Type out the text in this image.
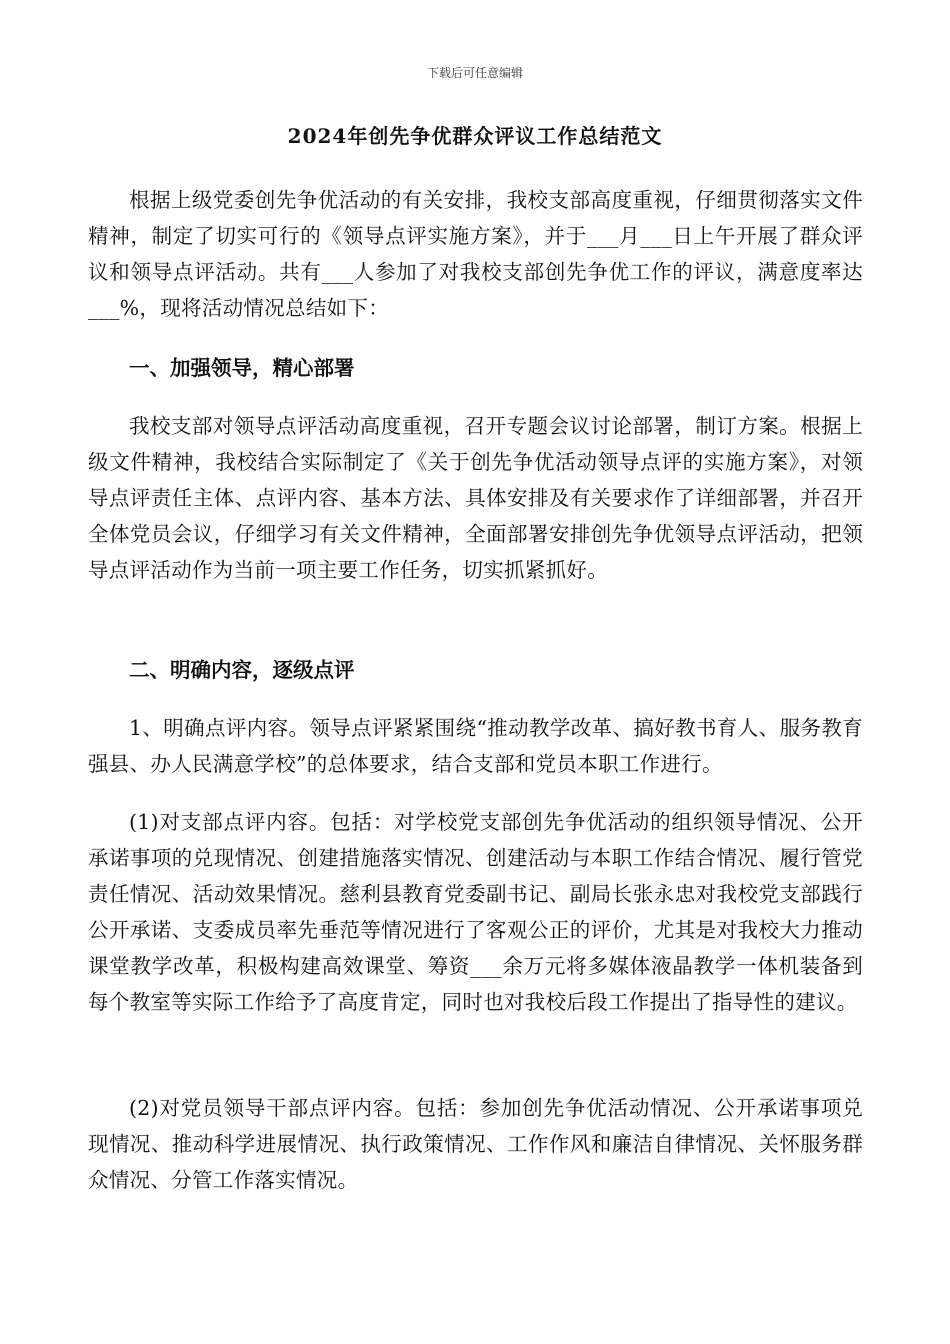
下载后可任意编辑
2024年创先争优群众评议工作总结范文

根据上级党委创先争优活动的有关安排，我校支部高度重视，仔细贯彻落实文件精神，制定了切实可行的《领导点评实施方案》，并于___月___日上午开展了群众评议和领导点评活动。共有___人参加了对我校支部创先争优工作的评议，满意度率达___%，现将活动情况总结如下：

一、加强领导，精心部署

我校支部对领导点评活动高度重视，召开专题会议讨论部署，制订方案。根据上级文件精神，我校结合实际制定了《关于创先争优活动领导点评的实施方案》，对领导点评责任主体、点评内容、基本方法、具体安排及有关要求作了详细部署，并召开全体党员会议，仔细学习有关文件精神，全面部署安排创先争优领导点评活动，把领导点评活动作为当前一项主要工作任务，切实抓紧抓好。

二、明确内容，逐级点评

1、明确点评内容。领导点评紧紧围绕“推动教学改革、搞好教书育人、服务教育强县、办人民满意学校”的总体要求，结合支部和党员本职工作进行。

(1)对支部点评内容。包括：对学校党支部创先争优活动的组织领导情况、公开承诺事项的兑现情况、创建措施落实情况、创建活动与本职工作结合情况、履行管党责任情况、活动效果情况。慈利县教育党委副书记、副局长张永忠对我校党支部践行公开承诺、支委成员率先垂范等情况进行了客观公正的评价，尤其是对我校大力推动课堂教学改革，积极构建高效课堂、筹资___余万元将多媒体液晶教学一体机装备到每个教室等实际工作给予了高度肯定，同时也对我校后段工作提出了指导性的建议。

(2)对党员领导干部点评内容。包括：参加创先争优活动情况、公开承诺事项兑现情况、推动科学进展情况、执行政策情况、工作作风和廉洁自律情况、关怀服务群众情况、分管工作落实情况。
